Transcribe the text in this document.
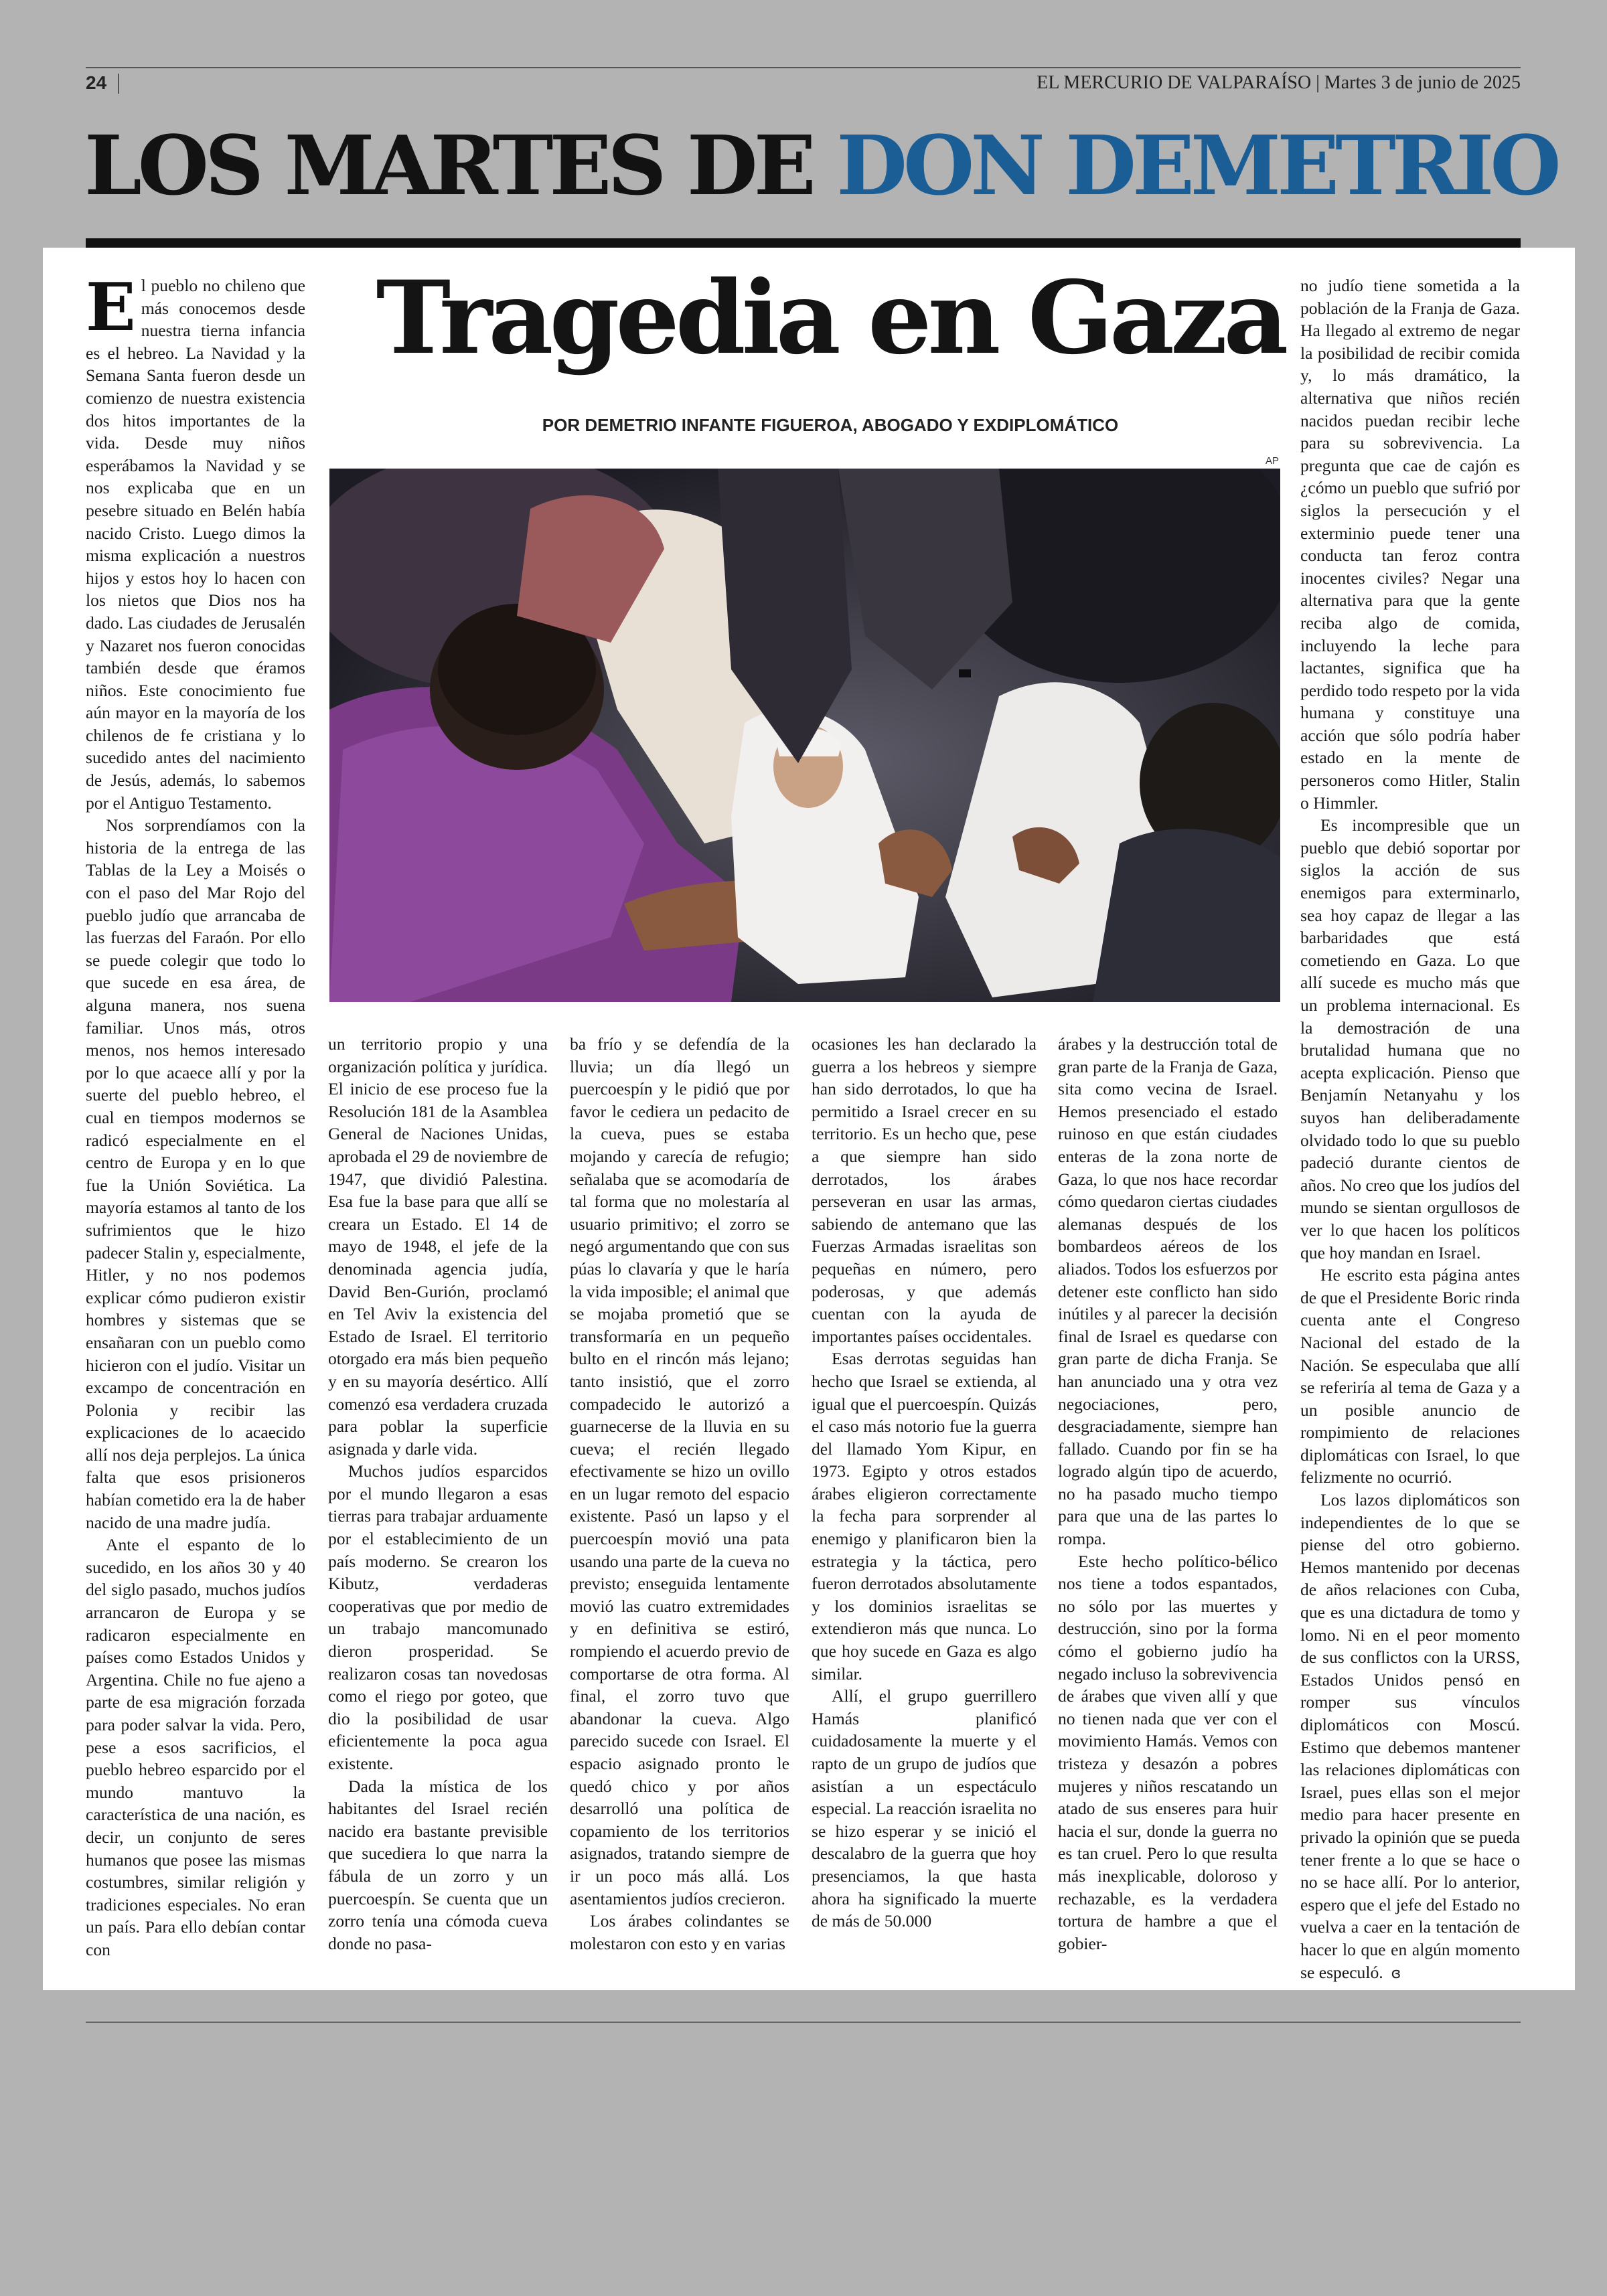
24	EL MERCURIO DE VALPARAÍSO | Martes 3 de junio de 2025
LOS MARTES DE DON DEMETRIO
Tragedia en Gaza
POR DEMETRIO INFANTE FIGUEROA, ABOGADO Y EXDIPLOMÁTICO
AP

El pueblo no chileno que más conocemos desde nuestra tierna infancia es el hebreo. La Navidad y la Semana Santa fueron desde un comienzo de nuestra existencia dos hitos importantes de la vida. Desde muy niños esperábamos la Navidad y se nos explicaba que en un pesebre situado en Belén había nacido Cristo. Luego dimos la misma explicación a nuestros hijos y estos hoy lo hacen con los nietos que Dios nos ha dado. Las ciudades de Jerusalén y Nazaret nos fueron conocidas también desde que éramos niños. Este conocimiento fue aún mayor en la mayoría de los chilenos de fe cristiana y lo sucedido antes del nacimiento de Jesús, además, lo sabemos por el Antiguo Testamento.

Nos sorprendíamos con la historia de la entrega de las Tablas de la Ley a Moisés o con el paso del Mar Rojo del pueblo judío que arrancaba de las fuerzas del Faraón. Por ello se puede colegir que todo lo que sucede en esa área, de alguna manera, nos suena familiar. Unos más, otros menos, nos hemos interesado por lo que acaece allí y por la suerte del pueblo hebreo, el cual en tiempos modernos se radicó especialmente en el centro de Europa y en lo que fue la Unión Soviética. La mayoría estamos al tanto de los sufrimientos que le hizo padecer Stalin y, especialmente, Hitler, y no nos podemos explicar cómo pudieron existir hombres y sistemas que se ensañaran con un pueblo como hicieron con el judío. Visitar un excampo de concentración en Polonia y recibir las explicaciones de lo acaecido allí nos deja perplejos. La única falta que esos prisioneros habían cometido era la de haber nacido de una madre judía.

Ante el espanto de lo sucedido, en los años 30 y 40 del siglo pasado, muchos judíos arrancaron de Europa y se radicaron especialmente en países como Estados Unidos y Argentina. Chile no fue ajeno a parte de esa migración forzada para poder salvar la vida. Pero, pese a esos sacrificios, el pueblo hebreo esparcido por el mundo mantuvo la característica de una nación, es decir, un conjunto de seres humanos que posee las mismas costumbres, similar religión y tradiciones especiales. No eran un país. Para ello debían contar con

un territorio propio y una organización política y jurídica. El inicio de ese proceso fue la Resolución 181 de la Asamblea General de Naciones Unidas, aprobada el 29 de noviembre de 1947, que dividió Palestina. Esa fue la base para que allí se creara un Estado. El 14 de mayo de 1948, el jefe de la denominada agencia judía, David Ben-Gurión, proclamó en Tel Aviv la existencia del Estado de Israel. El territorio otorgado era más bien pequeño y en su mayoría desértico. Allí comenzó esa verdadera cruzada para poblar la superficie asignada y darle vida.

Muchos judíos esparcidos por el mundo llegaron a esas tierras para trabajar arduamente por el establecimiento de un país moderno. Se crearon los Kibutz, verdaderas cooperativas que por medio de un trabajo mancomunado dieron prosperidad. Se realizaron cosas tan novedosas como el riego por goteo, que dio la posibilidad de usar eficientemente la poca agua existente.

Dada la mística de los habitantes del Israel recién nacido era bastante previsible que sucediera lo que narra la fábula de un zorro y un puercoespín. Se cuenta que un zorro tenía una cómoda cueva donde no pasa-

ba frío y se defendía de la lluvia; un día llegó un puercoespín y le pidió que por favor le cediera un pedacito de la cueva, pues se estaba mojando y carecía de refugio; señalaba que se acomodaría de tal forma que no molestaría al usuario primitivo; el zorro se negó argumentando que con sus púas lo clavaría y que le haría la vida imposible; el animal que se mojaba prometió que se transformaría en un pequeño bulto en el rincón más lejano; tanto insistió, que el zorro compadecido le autorizó a guarnecerse de la lluvia en su cueva; el recién llegado efectivamente se hizo un ovillo en un lugar remoto del espacio existente. Pasó un lapso y el puercoespín movió una pata usando una parte de la cueva no previsto; enseguida lentamente movió las cuatro extremidades y en definitiva se estiró, rompiendo el acuerdo previo de comportarse de otra forma. Al final, el zorro tuvo que abandonar la cueva. Algo parecido sucede con Israel. El espacio asignado pronto le quedó chico y por años desarrolló una política de copamiento de los territorios asignados, tratando siempre de ir un poco más allá. Los asentamientos judíos crecieron.

Los árabes colindantes se molestaron con esto y en varias

ocasiones les han declarado la guerra a los hebreos y siempre han sido derrotados, lo que ha permitido a Israel crecer en su territorio. Es un hecho que, pese a que siempre han sido derrotados, los árabes perseveran en usar las armas, sabiendo de antemano que las Fuerzas Armadas israelitas son pequeñas en número, pero poderosas, y que además cuentan con la ayuda de importantes países occidentales.

Esas derrotas seguidas han hecho que Israel se extienda, al igual que el puercoespín. Quizás el caso más notorio fue la guerra del llamado Yom Kipur, en 1973. Egipto y otros estados árabes eligieron correctamente la fecha para sorprender al enemigo y planificaron bien la estrategia y la táctica, pero fueron derrotados absolutamente y los dominios israelitas se extendieron más que nunca. Lo que hoy sucede en Gaza es algo similar.

Allí, el grupo guerrillero Hamás planificó cuidadosamente la muerte y el rapto de un grupo de judíos que asistían a un espectáculo especial. La reacción israelita no se hizo esperar y se inició el descalabro de la guerra que hoy presenciamos, la que hasta ahora ha significado la muerte de más de 50.000

árabes y la destrucción total de gran parte de la Franja de Gaza, sita como vecina de Israel. Hemos presenciado el estado ruinoso en que están ciudades enteras de la zona norte de Gaza, lo que nos hace recordar cómo quedaron ciertas ciudades alemanas después de los bombardeos aéreos de los aliados. Todos los esfuerzos por detener este conflicto han sido inútiles y al parecer la decisión final de Israel es quedarse con gran parte de dicha Franja. Se han anunciado una y otra vez negociaciones, pero, desgraciadamente, siempre han fallado. Cuando por fin se ha logrado algún tipo de acuerdo, no ha pasado mucho tiempo para que una de las partes lo rompa.

Este hecho político-bélico nos tiene a todos espantados, no sólo por las muertes y destrucción, sino por la forma cómo el gobierno judío ha negado incluso la sobrevivencia de árabes que viven allí y que no tienen nada que ver con el movimiento Hamás. Vemos con tristeza y desazón a pobres mujeres y niños rescatando un atado de sus enseres para huir hacia el sur, donde la guerra no es tan cruel. Pero lo que resulta más inexplicable, doloroso y rechazable, es la verdadera tortura de hambre a que el gobier-

no judío tiene sometida a la población de la Franja de Gaza. Ha llegado al extremo de negar la posibilidad de recibir comida y, lo más dramático, la alternativa que niños recién nacidos puedan recibir leche para su sobrevivencia. La pregunta que cae de cajón es ¿cómo un pueblo que sufrió por siglos la persecución y el exterminio puede tener una conducta tan feroz contra inocentes civiles? Negar una alternativa para que la gente reciba algo de comida, incluyendo la leche para lactantes, significa que ha perdido todo respeto por la vida humana y constituye una acción que sólo podría haber estado en la mente de personeros como Hitler, Stalin o Himmler.

Es incompresible que un pueblo que debió soportar por siglos la acción de sus enemigos para exterminarlo, sea hoy capaz de llegar a las barbaridades que está cometiendo en Gaza. Lo que allí sucede es mucho más que un problema internacional. Es la demostración de una brutalidad humana que no acepta explicación. Pienso que Benjamín Netanyahu y los suyos han deliberadamente olvidado todo lo que su pueblo padeció durante cientos de años. No creo que los judíos del mundo se sientan orgullosos de ver lo que hacen los políticos que hoy mandan en Israel.

He escrito esta página antes de que el Presidente Boric rinda cuenta ante el Congreso Nacional del estado de la Nación. Se especulaba que allí se referiría al tema de Gaza y a un posible anuncio de rompimiento de relaciones diplomáticas con Israel, lo que felizmente no ocurrió.

Los lazos diplomáticos son independientes de lo que se piense del otro gobierno. Hemos mantenido por decenas de años relaciones con Cuba, que es una dictadura de tomo y lomo. Ni en el peor momento de sus conflictos con la URSS, Estados Unidos pensó en romper sus vínculos diplomáticos con Moscú. Estimo que debemos mantener las relaciones diplomáticas con Israel, pues ellas son el mejor medio para hacer presente en privado la opinión que se pueda tener frente a lo que se hace o no se hace allí. Por lo anterior, espero que el jefe del Estado no vuelva a caer en la tentación de hacer lo que en algún momento se especuló. ɞ
